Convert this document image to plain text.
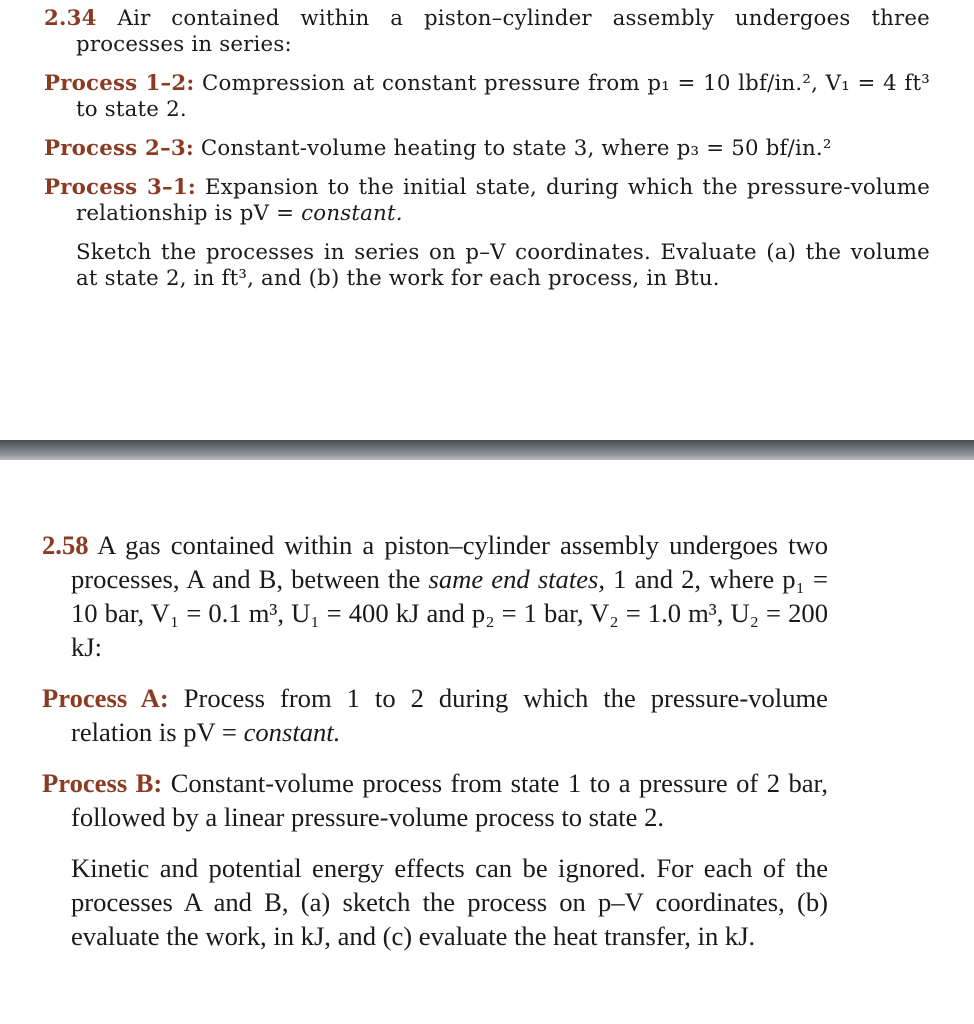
2.34 Air contained within a piston–cylinder assembly undergoes three processes in series:

Process 1–2: Compression at constant pressure from p₁ = 10 lbf/in.², V₁ = 4 ft³ to state 2.

Process 2–3: Constant-volume heating to state 3, where p₃ = 50 bf/in.²

Process 3–1: Expansion to the initial state, during which the pressure-volume relationship is pV = constant.

Sketch the processes in series on p–V coordinates. Evaluate (a) the volume at state 2, in ft³, and (b) the work for each process, in Btu.

2.58 A gas contained within a piston–cylinder assembly undergoes two processes, A and B, between the same end states, 1 and 2, where p₁ = 10 bar, V₁ = 0.1 m³, U₁ = 400 kJ and p₂ = 1 bar, V₂ = 1.0 m³, U₂ = 200 kJ:

Process A: Process from 1 to 2 during which the pressure-volume relation is pV = constant.

Process B: Constant-volume process from state 1 to a pressure of 2 bar, followed by a linear pressure-volume process to state 2.

Kinetic and potential energy effects can be ignored. For each of the processes A and B, (a) sketch the process on p–V coordinates, (b) evaluate the work, in kJ, and (c) evaluate the heat transfer, in kJ.
